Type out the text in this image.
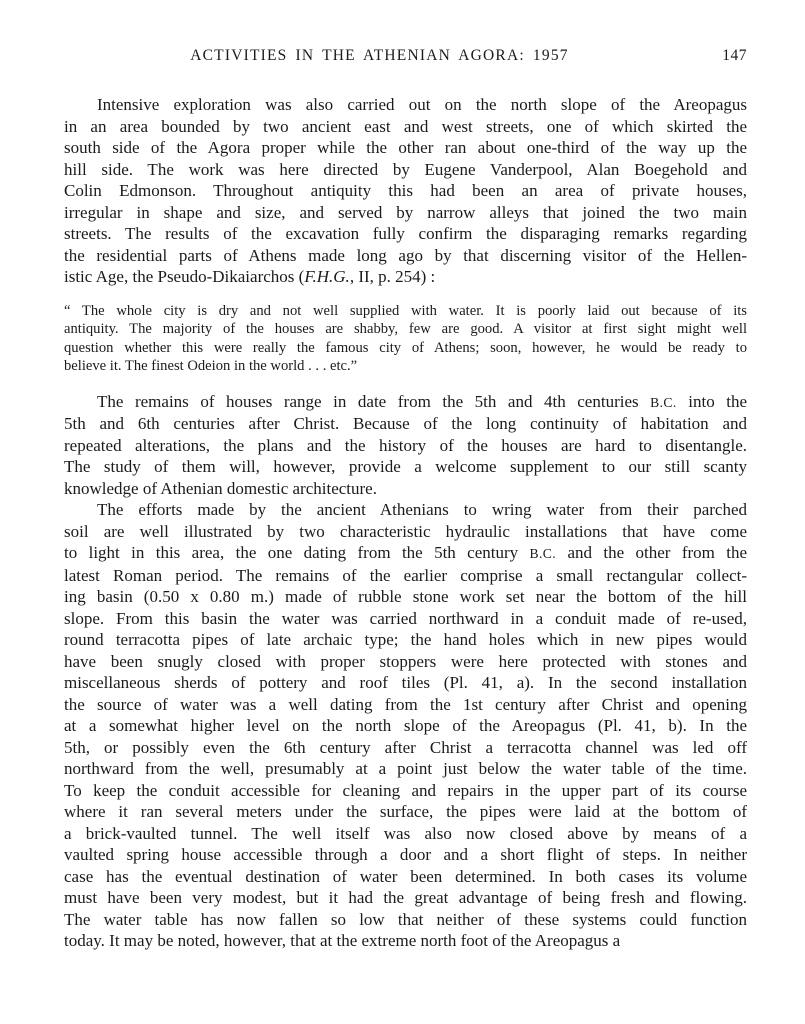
ACTIVITIES IN THE ATHENIAN AGORA: 1957	147

Intensive exploration was also carried out on the north slope of the Areopagus
in an area bounded by two ancient east and west streets, one of which skirted the
south side of the Agora proper while the other ran about one-third of the way up the
hill side. The work was here directed by Eugene Vanderpool, Alan Boegehold and
Colin Edmonson. Throughout antiquity this had been an area of private houses,
irregular in shape and size, and served by narrow alleys that joined the two main
streets. The results of the excavation fully confirm the disparaging remarks regarding
the residential parts of Athens made long ago by that discerning visitor of the Hellen-
istic Age, the Pseudo-Dikaiarchos (F.H.G., II, p. 254) :

“ The whole city is dry and not well supplied with water. It is poorly laid out because of its
antiquity. The majority of the houses are shabby, few are good. A visitor at first sight might well
question whether this were really the famous city of Athens; soon, however, he would be ready to
believe it. The finest Odeion in the world . . . etc.”

The remains of houses range in date from the 5th and 4th centuries B.C. into the
5th and 6th centuries after Christ. Because of the long continuity of habitation and
repeated alterations, the plans and the history of the houses are hard to disentangle.
The study of them will, however, provide a welcome supplement to our still scanty
knowledge of Athenian domestic architecture.

The efforts made by the ancient Athenians to wring water from their parched
soil are well illustrated by two characteristic hydraulic installations that have come
to light in this area, the one dating from the 5th century B.C. and the other from the
latest Roman period. The remains of the earlier comprise a small rectangular collect-
ing basin (0.50 x 0.80 m.) made of rubble stone work set near the bottom of the hill
slope. From this basin the water was carried northward in a conduit made of re-used,
round terracotta pipes of late archaic type; the hand holes which in new pipes would
have been snugly closed with proper stoppers were here protected with stones and
miscellaneous sherds of pottery and roof tiles (Pl. 41, a). In the second installation
the source of water was a well dating from the 1st century after Christ and opening
at a somewhat higher level on the north slope of the Areopagus (Pl. 41, b). In the
5th, or possibly even the 6th century after Christ a terracotta channel was led off
northward from the well, presumably at a point just below the water table of the time.
To keep the conduit accessible for cleaning and repairs in the upper part of its course
where it ran several meters under the surface, the pipes were laid at the bottom of
a brick-vaulted tunnel. The well itself was also now closed above by means of a
vaulted spring house accessible through a door and a short flight of steps. In neither
case has the eventual destination of water been determined. In both cases its volume
must have been very modest, but it had the great advantage of being fresh and flowing.
The water table has now fallen so low that neither of these systems could function
today. It may be noted, however, that at the extreme north foot of the Areopagus a
